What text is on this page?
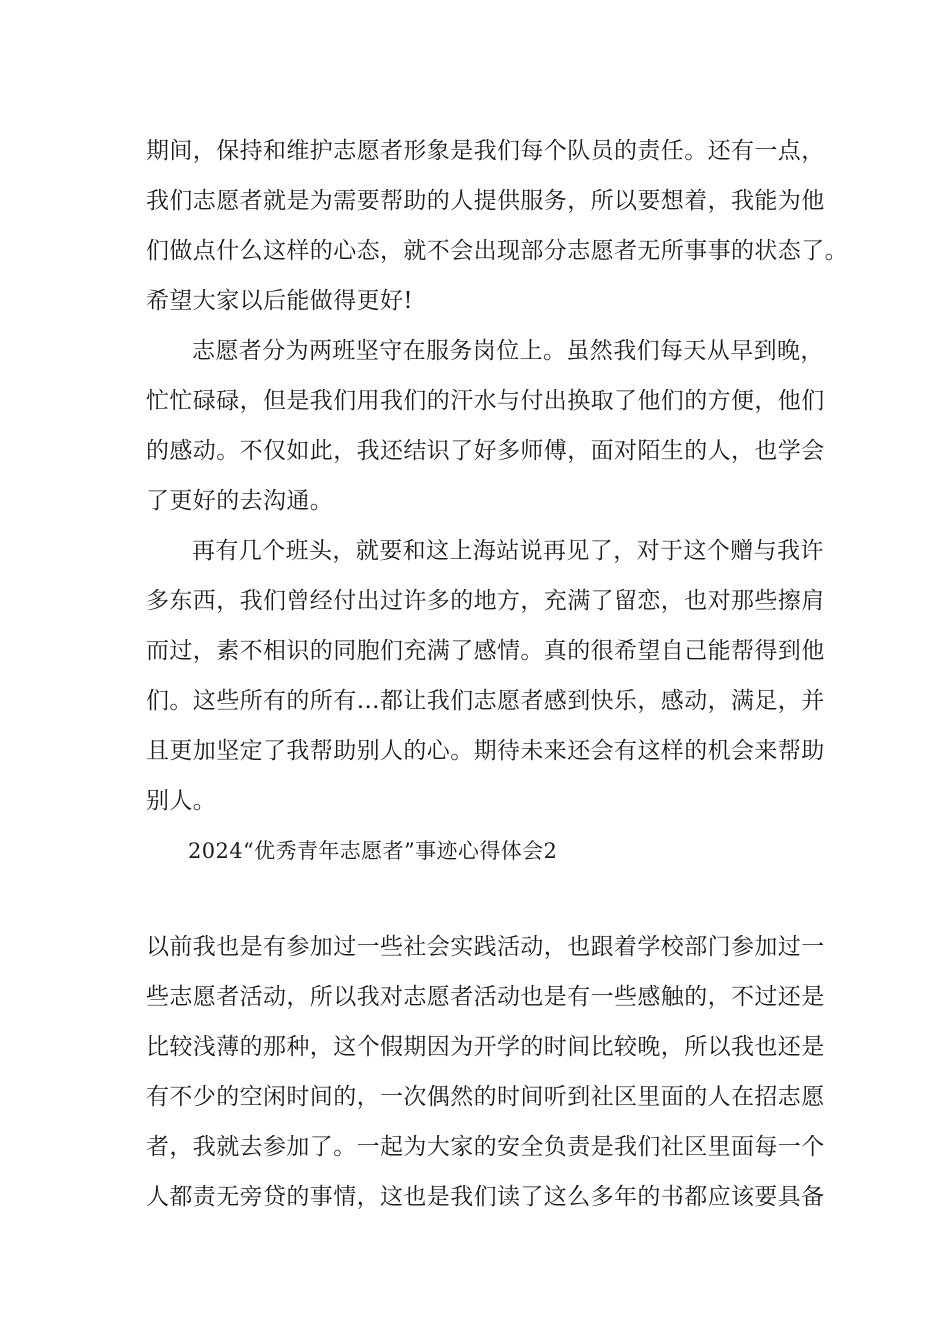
期间，保持和维护志愿者形象是我们每个队员的责任。还有一点，
我们志愿者就是为需要帮助的人提供服务，所以要想着，我能为他
们做点什么这样的心态，就不会出现部分志愿者无所事事的状态了。
希望大家以后能做得更好!
志愿者分为两班坚守在服务岗位上。虽然我们每天从早到晚，
忙忙碌碌，但是我们用我们的汗水与付出换取了他们的方便，他们
的感动。不仅如此，我还结识了好多师傅，面对陌生的人，也学会
了更好的去沟通。
再有几个班头，就要和这上海站说再见了，对于这个赠与我许
多东西，我们曾经付出过许多的地方，充满了留恋，也对那些擦肩
而过，素不相识的同胞们充满了感情。真的很希望自己能帮得到他
们。这些所有的所有…都让我们志愿者感到快乐，感动，满足，并
且更加坚定了我帮助别人的心。期待未来还会有这样的机会来帮助
别人。
2024“优秀青年志愿者”事迹心得体会2
以前我也是有参加过一些社会实践活动，也跟着学校部门参加过一
些志愿者活动，所以我对志愿者活动也是有一些感触的，不过还是
比较浅薄的那种，这个假期因为开学的时间比较晚，所以我也还是
有不少的空闲时间的，一次偶然的时间听到社区里面的人在招志愿
者，我就去参加了。一起为大家的安全负责是我们社区里面每一个
人都责无旁贷的事情，这也是我们读了这么多年的书都应该要具备
